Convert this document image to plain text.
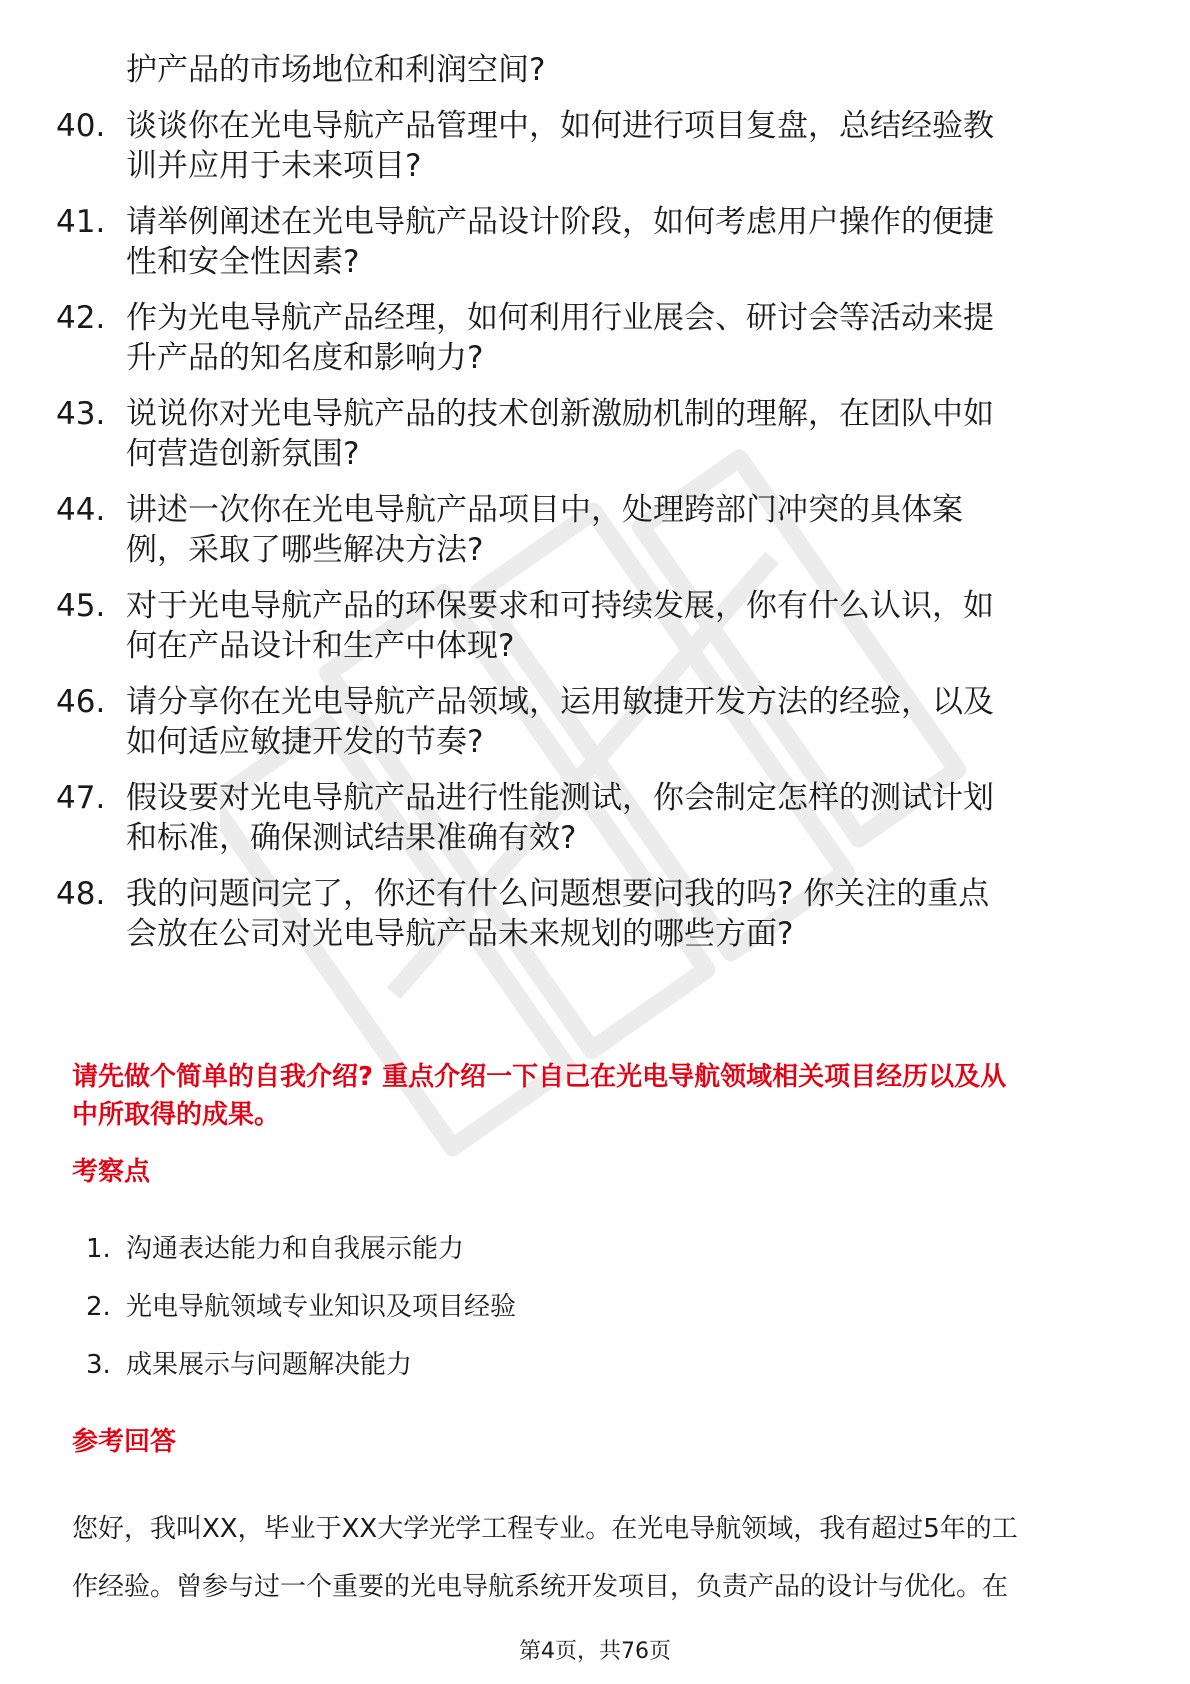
护产品的市场地位和利润空间?
40. 谈谈你在光电导航产品管理中，如何进行项目复盘，总结经验教
训并应用于未来项目?
41. 请举例阐述在光电导航产品设计阶段，如何考虑用户操作的便捷
性和安全性因素?
42. 作为光电导航产品经理，如何利用行业展会、研讨会等活动来提
升产品的知名度和影响力?
43. 说说你对光电导航产品的技术创新激励机制的理解，在团队中如
何营造创新氛围?
44. 讲述一次你在光电导航产品项目中，处理跨部门冲突的具体案
例，采取了哪些解决方法?
45. 对于光电导航产品的环保要求和可持续发展，你有什么认识，如
何在产品设计和生产中体现?
46. 请分享你在光电导航产品领域，运用敏捷开发方法的经验，以及
如何适应敏捷开发的节奏?
47. 假设要对光电导航产品进行性能测试，你会制定怎样的测试计划
和标准，确保测试结果准确有效?
48. 我的问题问完了，你还有什么问题想要问我的吗? 你关注的重点
会放在公司对光电导航产品未来规划的哪些方面?
请先做个简单的自我介绍? 重点介绍一下自己在光电导航领域相关项目经历以及从
中所取得的成果。
考察点
1. 沟通表达能力和自我展示能力
2. 光电导航领域专业知识及项目经验
3. 成果展示与问题解决能力
参考回答
您好，我叫XX，毕业于XX大学光学工程专业。在光电导航领域，我有超过5年的工
作经验。曾参与过一个重要的光电导航系统开发项目，负责产品的设计与优化。在
第4页，共76页
